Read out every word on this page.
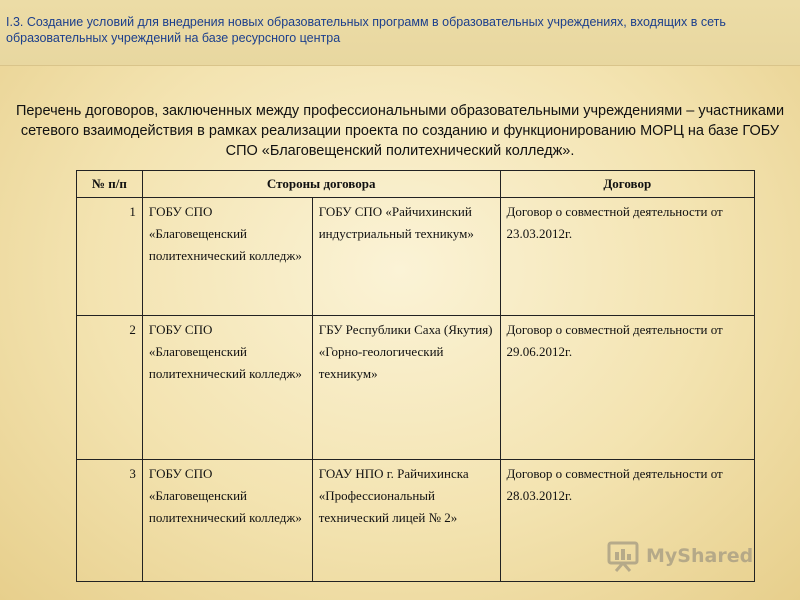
I.3. Создание условий для внедрения новых образовательных программ в образовательных учреждениях, входящих в сеть образовательных учреждений на базе ресурсного центра
Перечень договоров, заключенных между профессиональными образовательными учреждениями – участниками сетевого взаимодействия в рамках реализации проекта по созданию и функционированию МОРЦ на базе ГОБУ СПО «Благовещенский политехнический колледж».
№ п/п	Стороны договора		Договор
1	ГОБУ СПО «Благовещенский политехнический колледж»	ГОБУ СПО «Райчихинский индустриальный техникум»	Договор о совместной деятельности от 23.03.2012г.
2	ГОБУ СПО «Благовещенский политехнический колледж»	ГБУ Республики Саха (Якутия) «Горно-геологический техникум»	Договор о совместной деятельности от 29.06.2012г.
3	ГОБУ СПО «Благовещенский политехнический колледж»	ГОАУ НПО г. Райчихинска «Профессиональный технический лицей № 2»	Договор о совместной деятельности от 28.03.2012г.
MyShared
